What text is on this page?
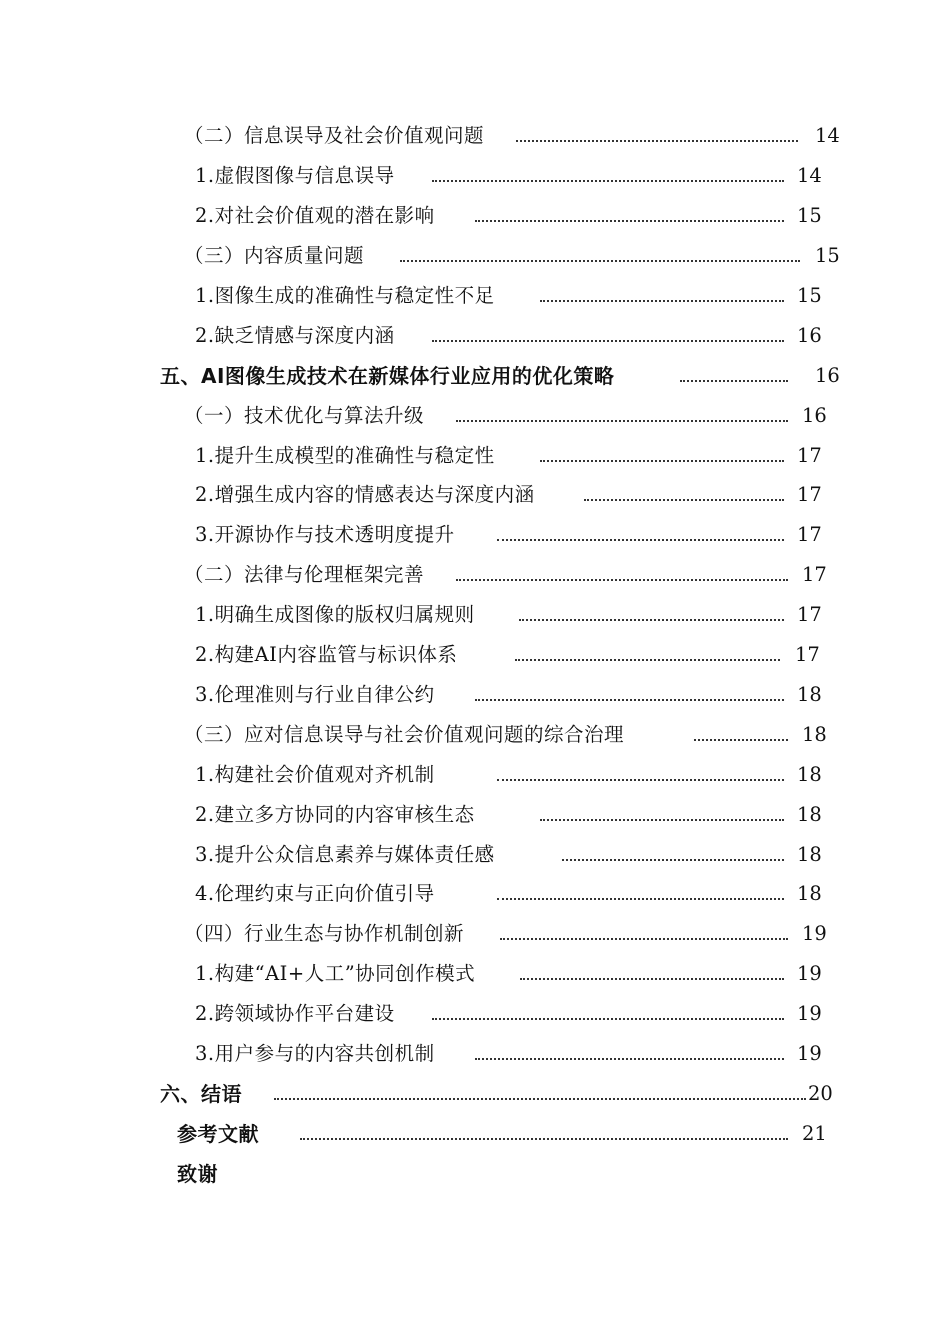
（二）信息误导及社会价值观问题	14
1.虚假图像与信息误导	14
2.对社会价值观的潜在影响	15
（三）内容质量问题	15
1.图像生成的准确性与稳定性不足	15
2.缺乏情感与深度内涵	16
五、AI图像生成技术在新媒体行业应用的优化策略	16
（一）技术优化与算法升级	16
1.提升生成模型的准确性与稳定性	17
2.增强生成内容的情感表达与深度内涵	17
3.开源协作与技术透明度提升	17
（二）法律与伦理框架完善	17
1.明确生成图像的版权归属规则	17
2.构建AI内容监管与标识体系	17
3.伦理准则与行业自律公约	18
（三）应对信息误导与社会价值观问题的综合治理	18
1.构建社会价值观对齐机制	18
2.建立多方协同的内容审核生态	18
3.提升公众信息素养与媒体责任感	18
4.伦理约束与正向价值引导	18
（四）行业生态与协作机制创新	19
1.构建“AI+人工”协同创作模式	19
2.跨领域协作平台建设	19
3.用户参与的内容共创机制	19
六、结语	20
参考文献	21
致谢
